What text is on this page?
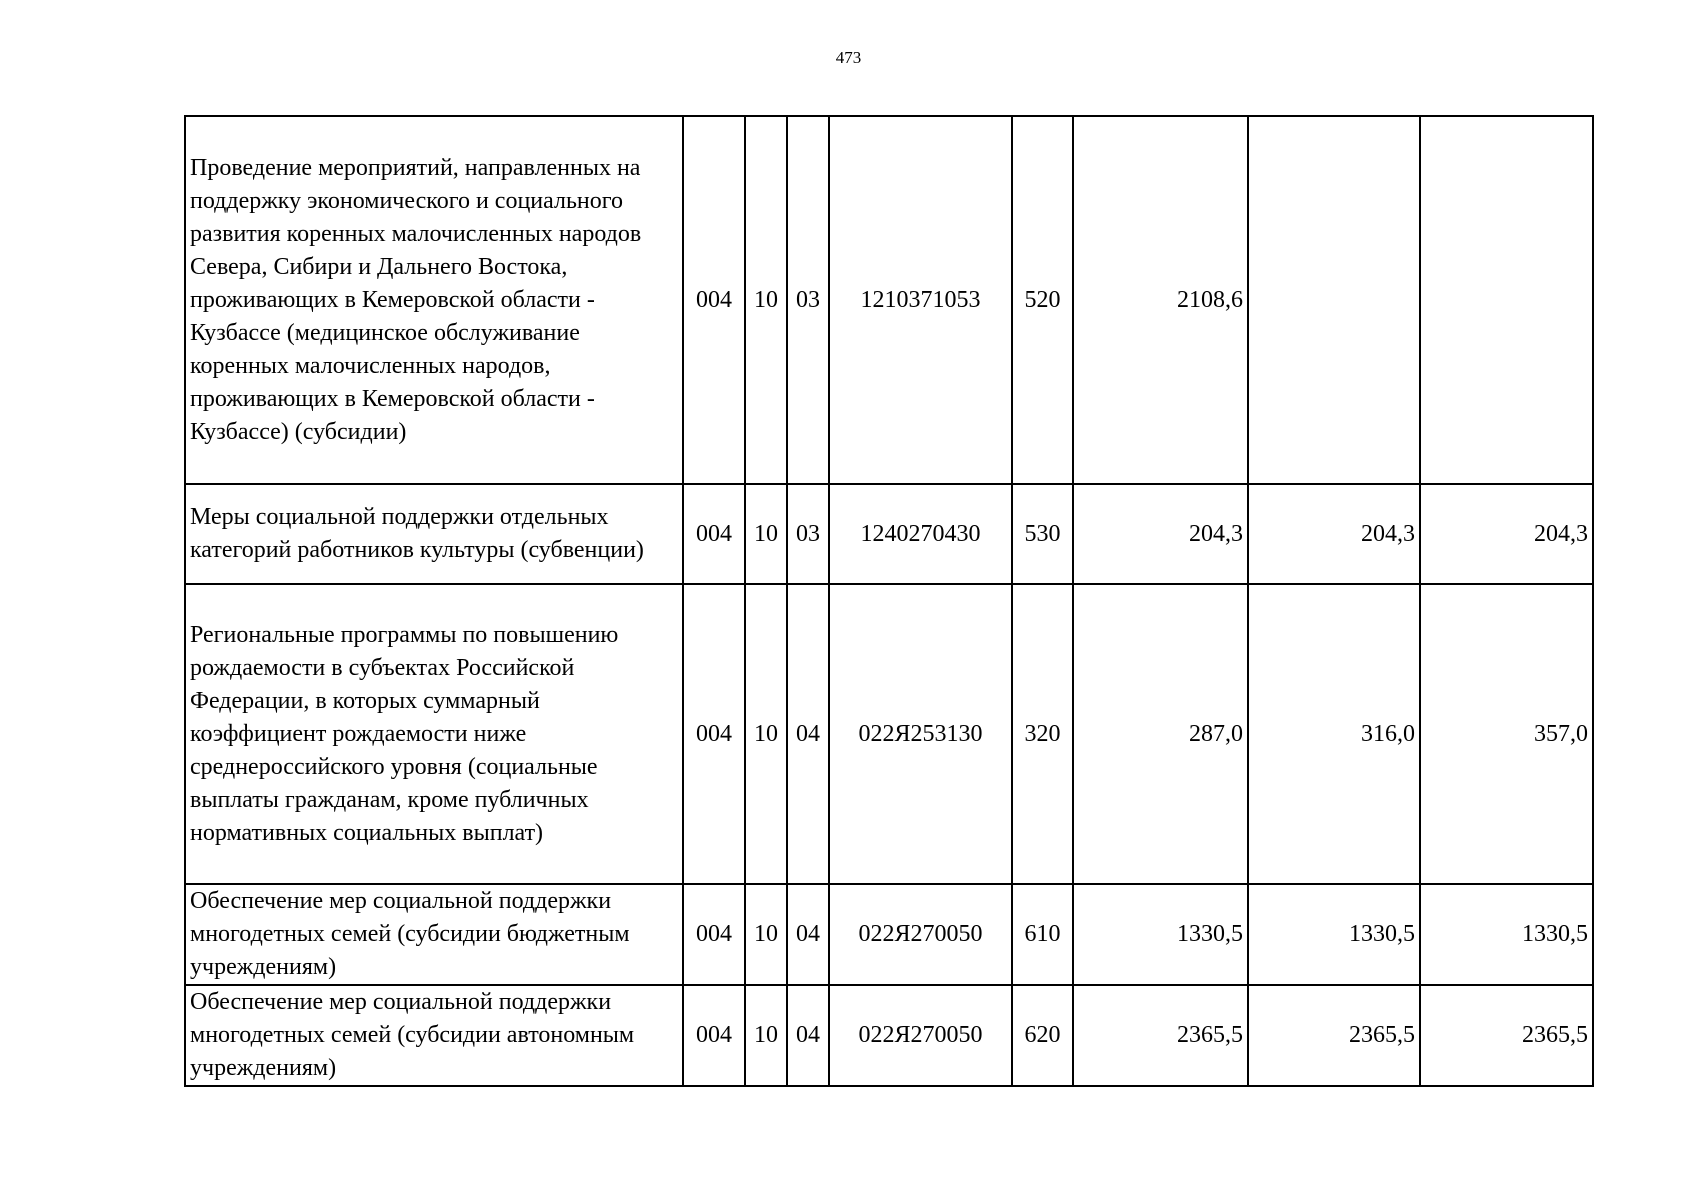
473
Проведение мероприятий, направленных на поддержку экономического и социального развития коренных малочисленных народов Севера, Сибири и Дальнего Востока, проживающих в Кемеровской области - Кузбассе (медицинское обслуживание коренных малочисленных народов, проживающих в Кемеровской области - Кузбассе) (субсидии)	004	10	03	1210371053	520	2108,6		
Меры социальной поддержки отдельных категорий работников культуры (субвенции)	004	10	03	1240270430	530	204,3	204,3	204,3
Региональные программы по повышению рождаемости в субъектах Российской Федерации, в которых суммарный коэффициент рождаемости ниже среднероссийского уровня (социальные выплаты гражданам, кроме публичных нормативных социальных выплат)	004	10	04	022Я253130	320	287,0	316,0	357,0
Обеспечение мер социальной поддержки многодетных семей (субсидии бюджетным учреждениям)	004	10	04	022Я270050	610	1330,5	1330,5	1330,5
Обеспечение мер социальной поддержки многодетных семей (субсидии автономным учреждениям)	004	10	04	022Я270050	620	2365,5	2365,5	2365,5
